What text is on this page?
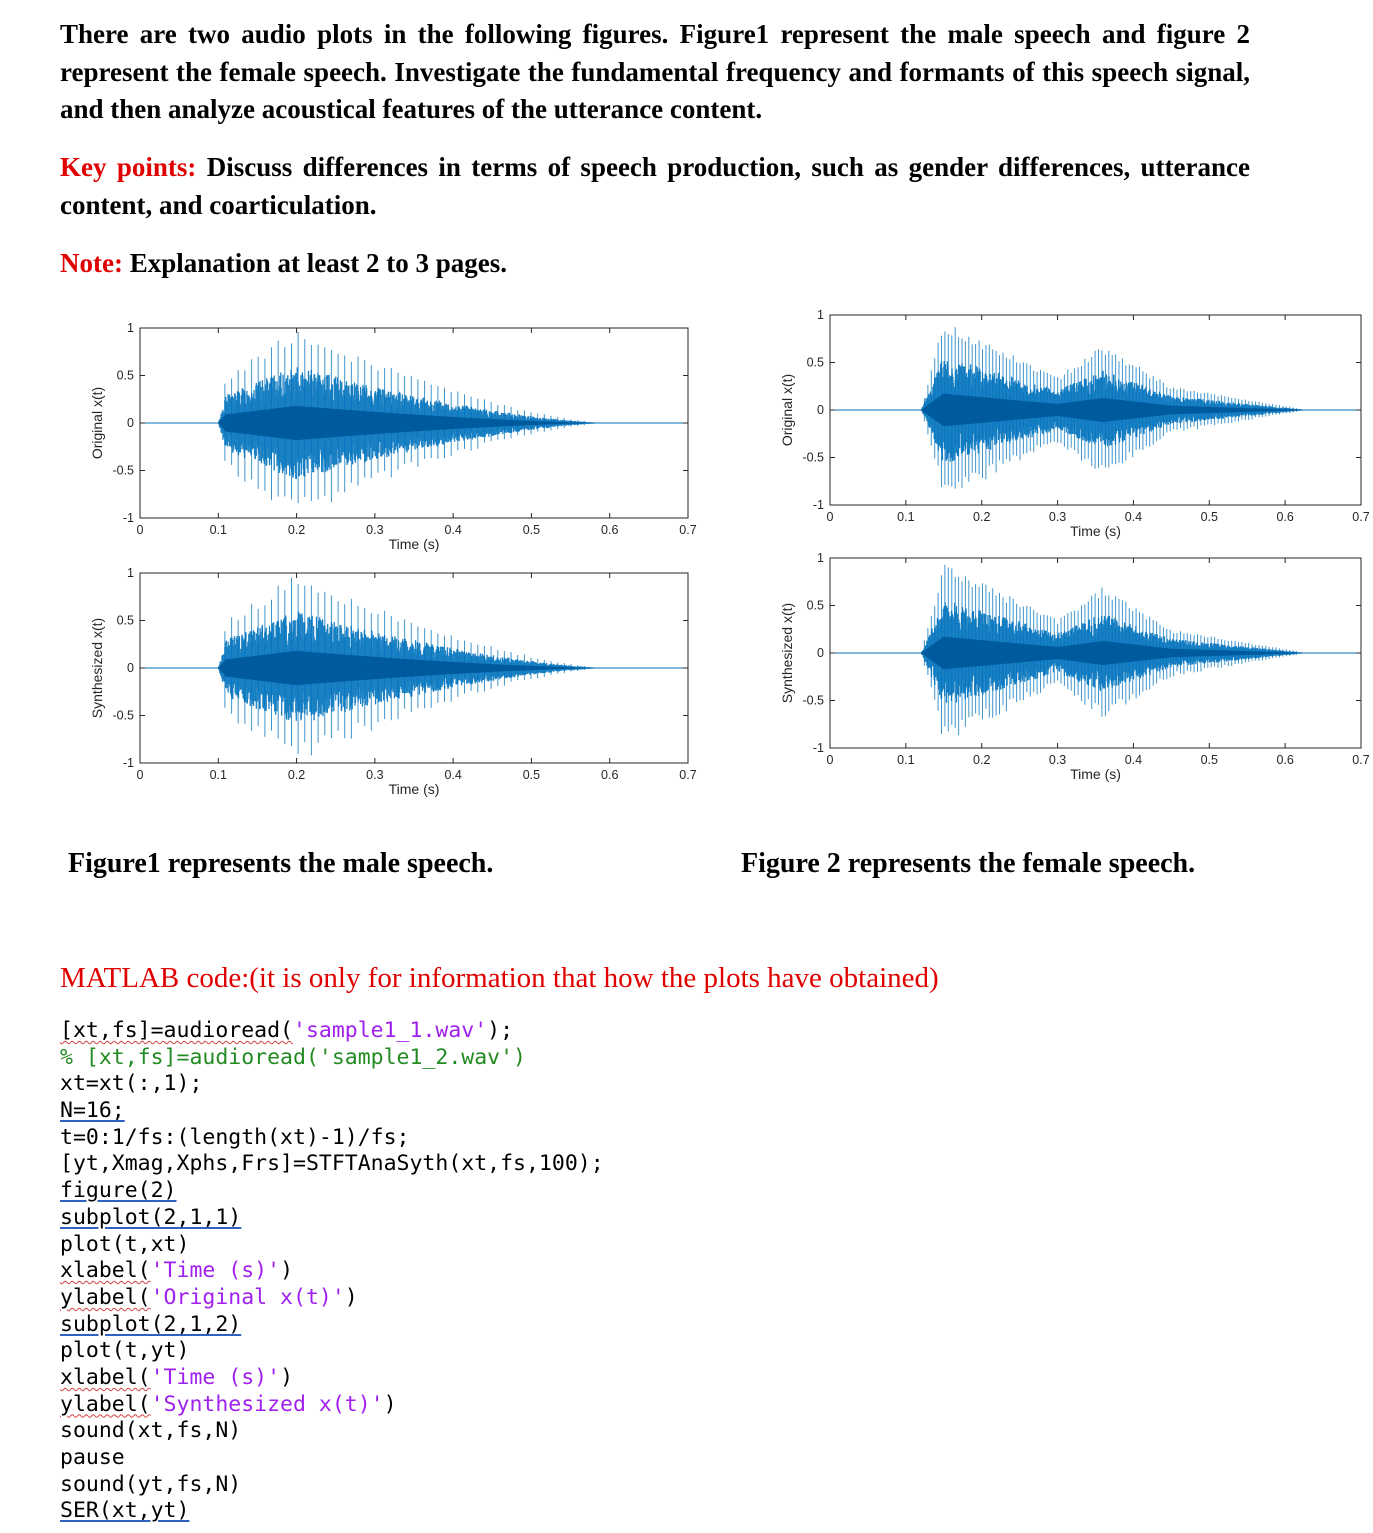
There are two audio plots in the following figures. Figure1 represent the male speech and figure 2 represent the female speech. Investigate the fundamental frequency and formants of this speech signal, and then analyze acoustical features of the utterance content.
Key points: Discuss differences in terms of speech production, such as gender differences, utterance content, and coarticulation.
Note: Explanation at least 2 to 3 pages.
0	0.1	0.2	0.3	0.4	0.5	0.6	0.7
1
0.5
0
-0.5
-1
Time (s)
Original x(t)
0	0.1	0.2	0.3	0.4	0.5	0.6	0.7
1
0.5
0
-0.5
-1
Time (s)
Synthesized x(t)
0	0.1	0.2	0.3	0.4	0.5	0.6	0.7
1
0.5
0
-0.5
-1
Time (s)
Original x(t)
0	0.1	0.2	0.3	0.4	0.5	0.6	0.7
1
0.5
0
-0.5
-1
Time (s)
Synthesized x(t)
Figure1 represents the male speech.	Figure 2 represents the female speech.
MATLAB code:(it is only for information that how the plots have obtained)
[xt,fs]=audioread('sample1_1.wav');
% [xt,fs]=audioread('sample1_2.wav')
xt=xt(:,1);
N=16;
t=0:1/fs:(length(xt)-1)/fs;
[yt,Xmag,Xphs,Frs]=STFTAnaSyth(xt,fs,100);
figure(2)
subplot(2,1,1)
plot(t,xt)
xlabel('Time (s)')
ylabel('Original x(t)')
subplot(2,1,2)
plot(t,yt)
xlabel('Time (s)')
ylabel('Synthesized x(t)')
sound(xt,fs,N)
pause
sound(yt,fs,N)
SER(xt,yt)
